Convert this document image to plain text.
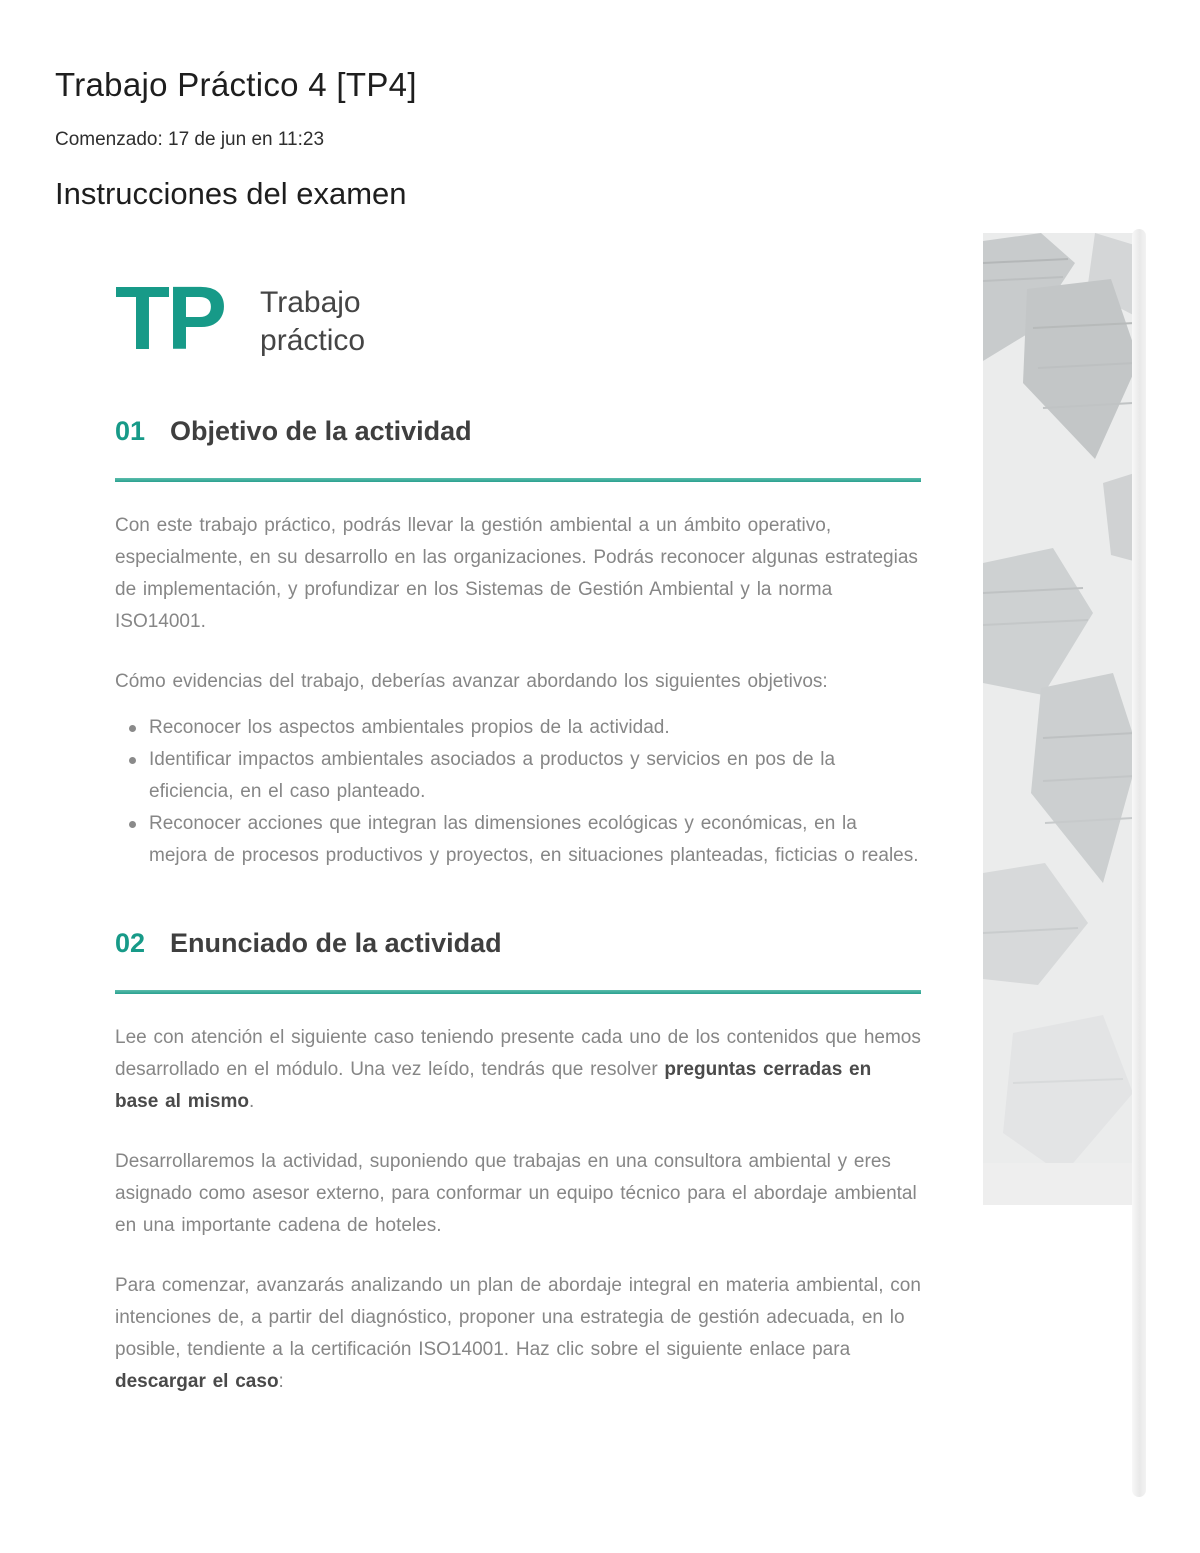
Trabajo Práctico 4 [TP4]

Comenzado: 17 de jun en 11:23

Instrucciones del examen
TP Trabajo
práctico
01 Objetivo de la actividad

Con este trabajo práctico, podrás llevar la gestión ambiental a un ámbito operativo, especialmente, en su desarrollo en las organizaciones. Podrás reconocer algunas estrategias de implementación, y profundizar en los Sistemas de Gestión Ambiental y la norma ISO14001.

Cómo evidencias del trabajo, deberías avanzar abordando los siguientes objetivos:

Reconocer los aspectos ambientales propios de la actividad.
Identificar impactos ambientales asociados a productos y servicios en pos de la eficiencia, en el caso planteado.
Reconocer acciones que integran las dimensiones ecológicas y económicas, en la mejora de procesos productivos y proyectos, en situaciones planteadas, ficticias o reales.
02 Enunciado de la actividad

Lee con atención el siguiente caso teniendo presente cada uno de los contenidos que hemos desarrollado en el módulo. Una vez leído, tendrás que resolver preguntas cerradas en base al mismo.

Desarrollaremos la actividad, suponiendo que trabajas en una consultora ambiental y eres asignado como asesor externo, para conformar un equipo técnico para el abordaje ambiental en una importante cadena de hoteles.

Para comenzar, avanzarás analizando un plan de abordaje integral en materia ambiental, con intenciones de, a partir del diagnóstico, proponer una estrategia de gestión adecuada, en lo posible, tendiente a la certificación ISO14001. Haz clic sobre el siguiente enlace para descargar el caso:
